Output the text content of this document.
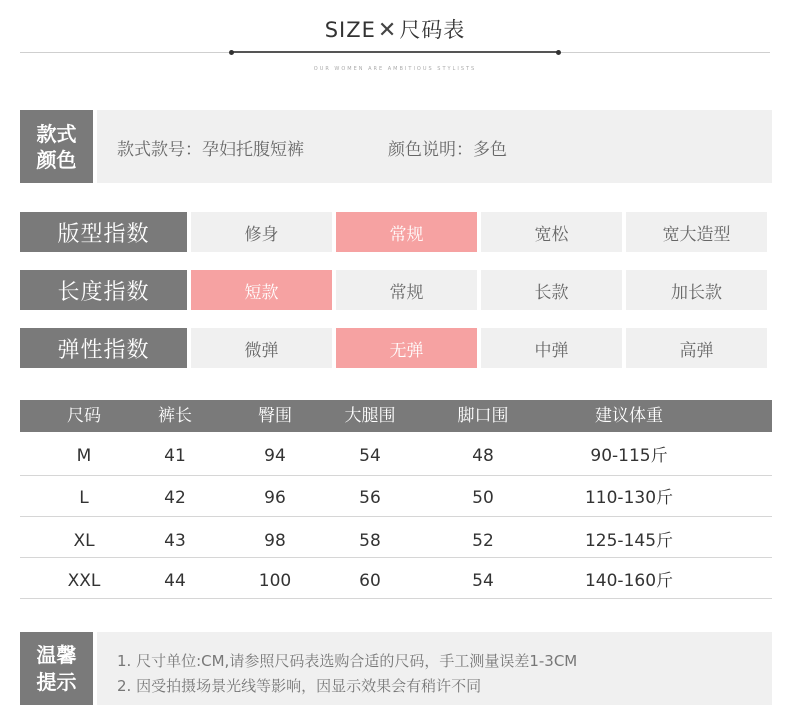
SIZE✕尺码表
OUR WOMEN ARE AMBITIOUS STYLISTS
款式
颜色 款式款号：孕妇托腹短裤	颜色说明：多色
版型指数	修身	常规	宽松	宽大造型
长度指数	短款	常规	长款	加长款
弹性指数	微弹	无弹	中弹	高弹
尺码	裤长	臀围	大腿围	脚口围	建议体重
M	41	94	54	48	90-115斤
L	42	96	56	50	110-130斤
XL	43	98	58	52	125-145斤
XXL	44	100	60	54	140-160斤
温馨
提示
1. 尺寸单位:CM,请参照尺码表选购合适的尺码，手工测量误差1-3CM
2. 因受拍摄场景光线等影响，因显示效果会有稍许不同
